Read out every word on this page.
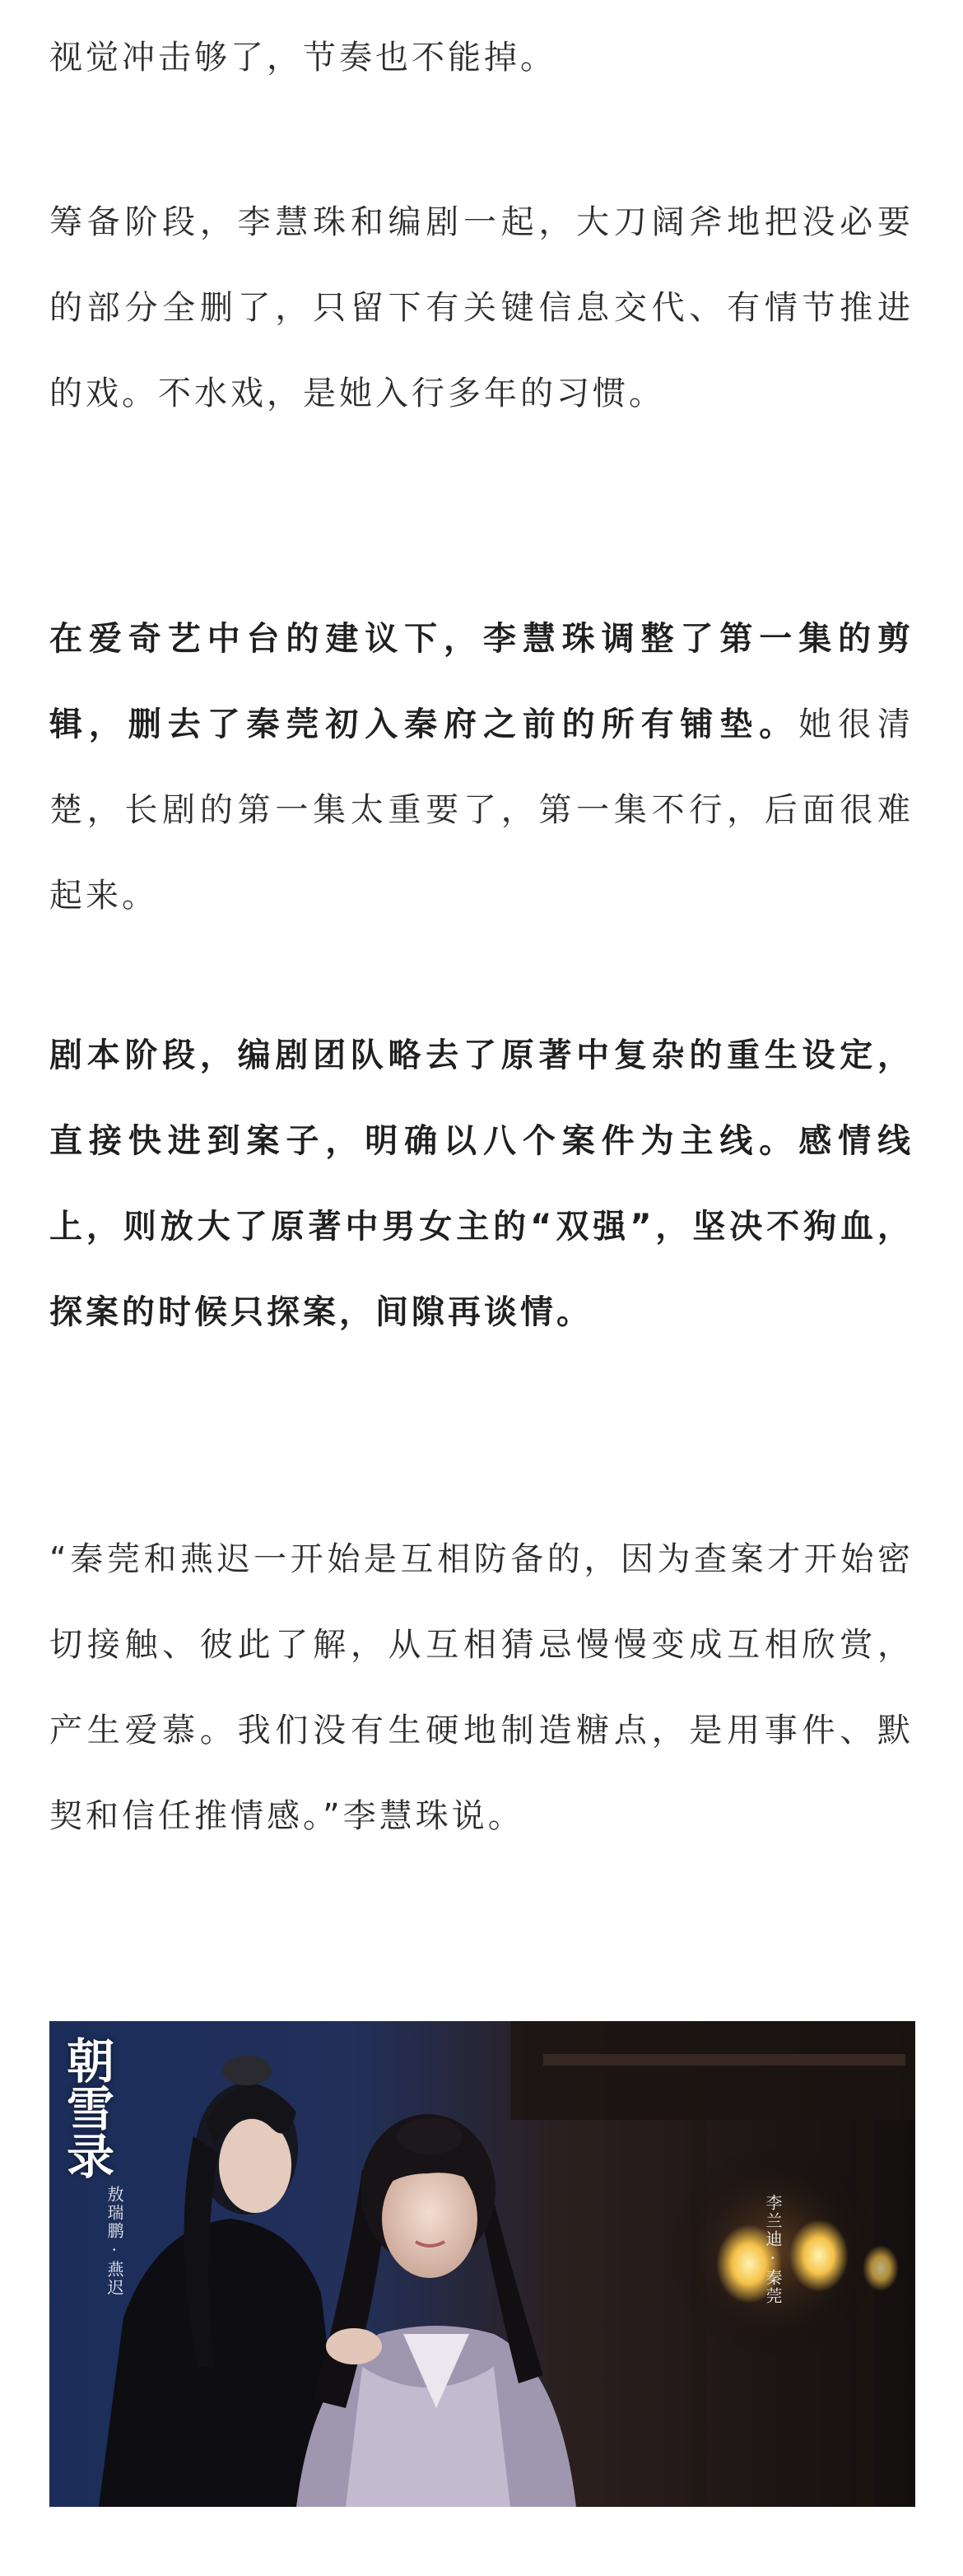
视觉冲击够了，节奏也不能掉。

筹备阶段，李慧珠和编剧一起，大刀阔斧地把没必要的部分全删了，只留下有关键信息交代、有情节推进的戏。不水戏，是她入行多年的习惯。

在爱奇艺中台的建议下，李慧珠调整了第一集的剪辑，删去了秦莞初入秦府之前的所有铺垫。她很清楚，长剧的第一集太重要了，第一集不行，后面很难起来。

剧本阶段，编剧团队略去了原著中复杂的重生设定，直接快进到案子，明确以八个案件为主线。感情线上，则放大了原著中男女主的“双强”，坚决不狗血，探案的时候只探案，间隙再谈情。

“秦莞和燕迟一开始是互相防备的，因为查案才开始密切接触、彼此了解，从互相猜忌慢慢变成互相欣赏，产生爱慕。我们没有生硬地制造糖点，是用事件、默契和信任推情感。”李慧珠说。

朝雪录
敖瑞鹏 · 燕迟	李兰迪 · 秦莞
